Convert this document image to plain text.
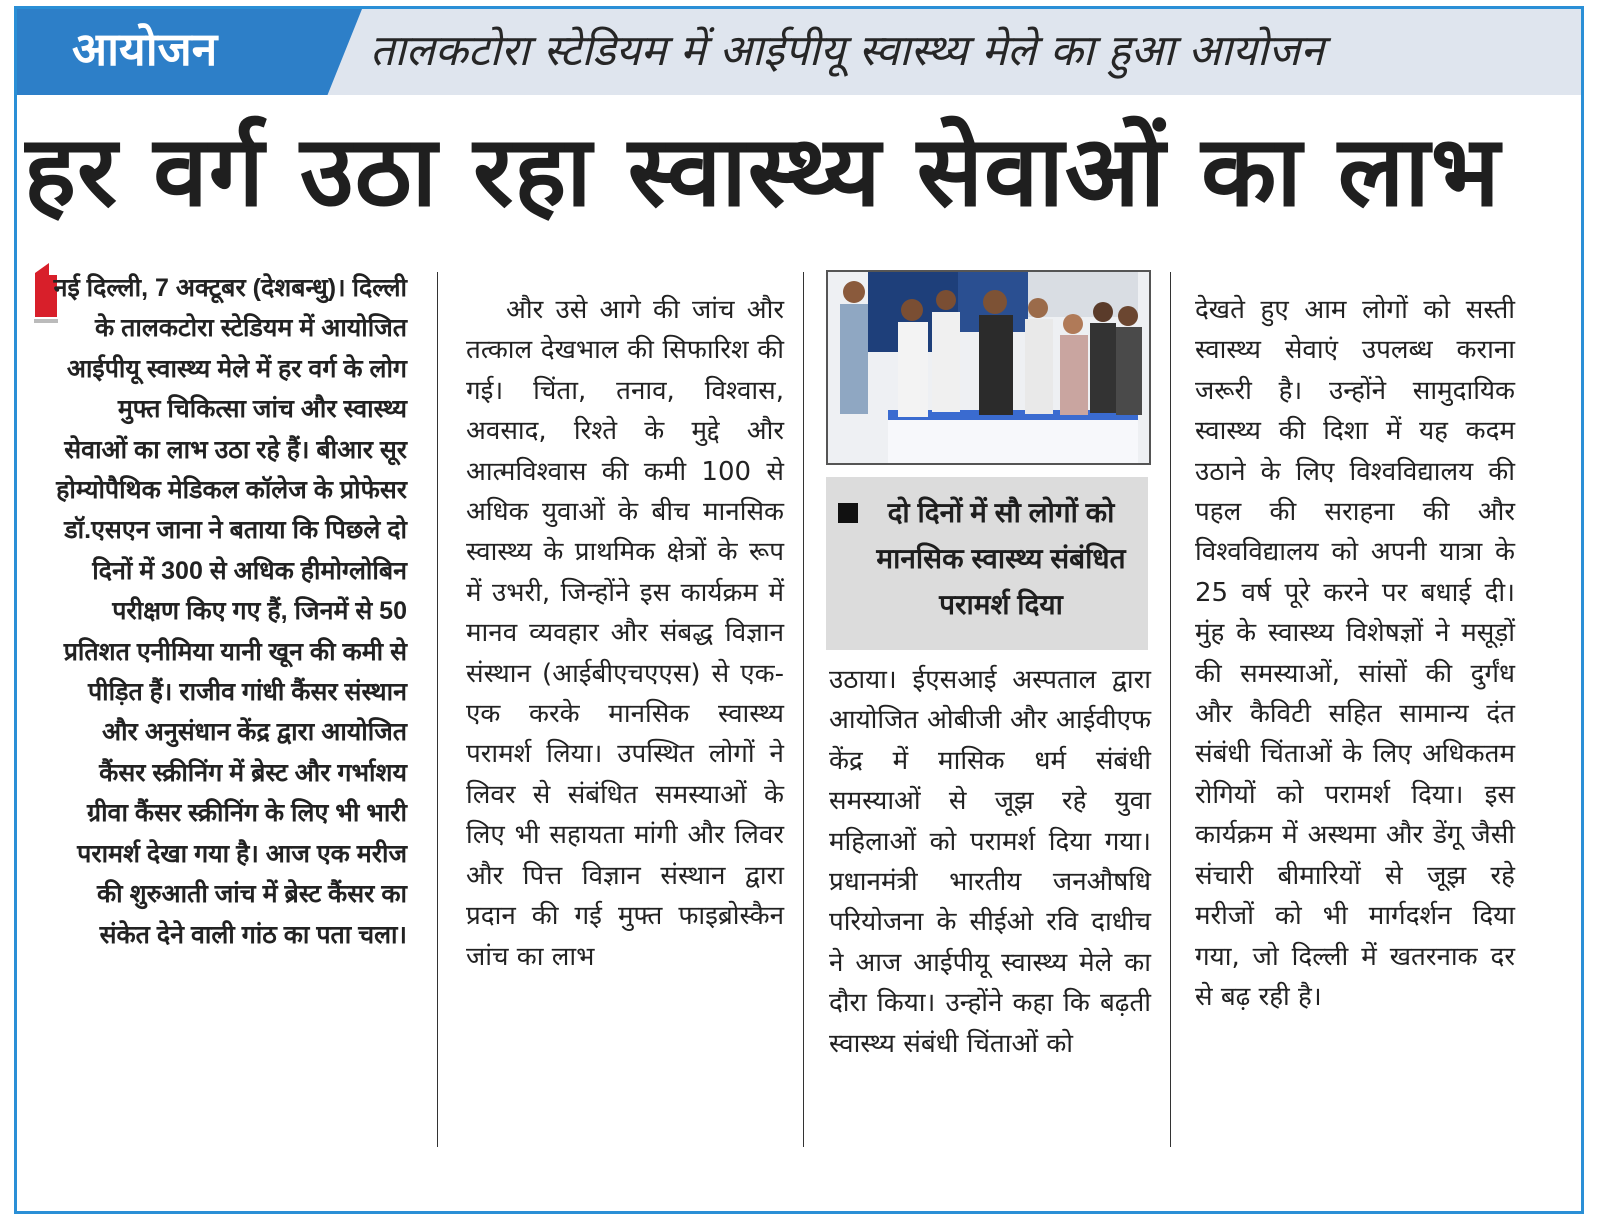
आयोजन	तालकटोरा स्टेडियम में आईपीयू स्वास्थ्य मेले का हुआ आयोजन
हर वर्ग उठा रहा स्वास्थ्य सेवाओं का लाभ

नई दिल्ली, 7 अक्टूबर (देशबन्धु)। दिल्ली के तालकटोरा स्टेडियम में आयोजित आईपीयू स्वास्थ्य मेले में हर वर्ग के लोग मुफ्त चिकित्सा जांच और स्वास्थ्य सेवाओं का लाभ उठा रहे हैं। बीआर सूर होम्योपैथिक मेडिकल कॉलेज के प्रोफेसर डॉ.एसएन जाना ने बताया कि पिछले दो दिनों में 300 से अधिक हीमोग्लोबिन परीक्षण किए गए हैं, जिनमें से 50 प्रतिशत एनीमिया यानी खून की कमी से पीड़ित हैं। राजीव गांधी कैंसर संस्थान और अनुसंधान केंद्र द्वारा आयोजित कैंसर स्क्रीनिंग में ब्रेस्ट और गर्भाशय ग्रीवा कैंसर स्क्रीनिंग के लिए भी भारी परामर्श देखा गया है। आज एक मरीज की शुरुआती जांच में ब्रेस्ट कैंसर का संकेत देने वाली गांठ का पता चला।

और उसे आगे की जांच और तत्काल देखभाल की सिफारिश की गई। चिंता, तनाव, विश्वास, अवसाद, रिश्ते के मुद्दे और आत्मविश्वास की कमी 100 से अधिक युवाओं के बीच मानसिक स्वास्थ्य के प्राथमिक क्षेत्रों के रूप में उभरी, जिन्होंने इस कार्यक्रम में मानव व्यवहार और संबद्ध विज्ञान संस्थान (आईबीएचएएस) से एक-एक करके मानसिक स्वास्थ्य परामर्श लिया। उपस्थित लोगों ने लिवर से संबंधित समस्याओं के लिए भी सहायता मांगी और लिवर और पित्त विज्ञान संस्थान द्वारा प्रदान की गई मुफ्त फाइब्रोस्कैन जांच का लाभ

दो दिनों में सौ लोगों को मानसिक स्वास्थ्य संबंधित परामर्श दिया

उठाया। ईएसआई अस्पताल द्वारा आयोजित ओबीजी और आईवीएफ केंद्र में मासिक धर्म संबंधी समस्याओं से जूझ रहे युवा महिलाओं को परामर्श दिया गया। प्रधानमंत्री भारतीय जनऔषधि परियोजना के सीईओ रवि दाधीच ने आज आईपीयू स्वास्थ्य मेले का दौरा किया। उन्होंने कहा कि बढ़ती स्वास्थ्य संबंधी चिंताओं को

देखते हुए आम लोगों को सस्ती स्वास्थ्य सेवाएं उपलब्ध कराना जरूरी है। उन्होंने सामुदायिक स्वास्थ्य की दिशा में यह कदम उठाने के लिए विश्वविद्यालय की पहल की सराहना की और विश्वविद्यालय को अपनी यात्रा के 25 वर्ष पूरे करने पर बधाई दी। मुंह के स्वास्थ्य विशेषज्ञों ने मसूड़ों की समस्याओं, सांसों की दुर्गंध और कैविटी सहित सामान्य दंत संबंधी चिंताओं के लिए अधिकतम रोगियों को परामर्श दिया। इस कार्यक्रम में अस्थमा और डेंगू जैसी संचारी बीमारियों से जूझ रहे मरीजों को भी मार्गदर्शन दिया गया, जो दिल्ली में खतरनाक दर से बढ़ रही है।
